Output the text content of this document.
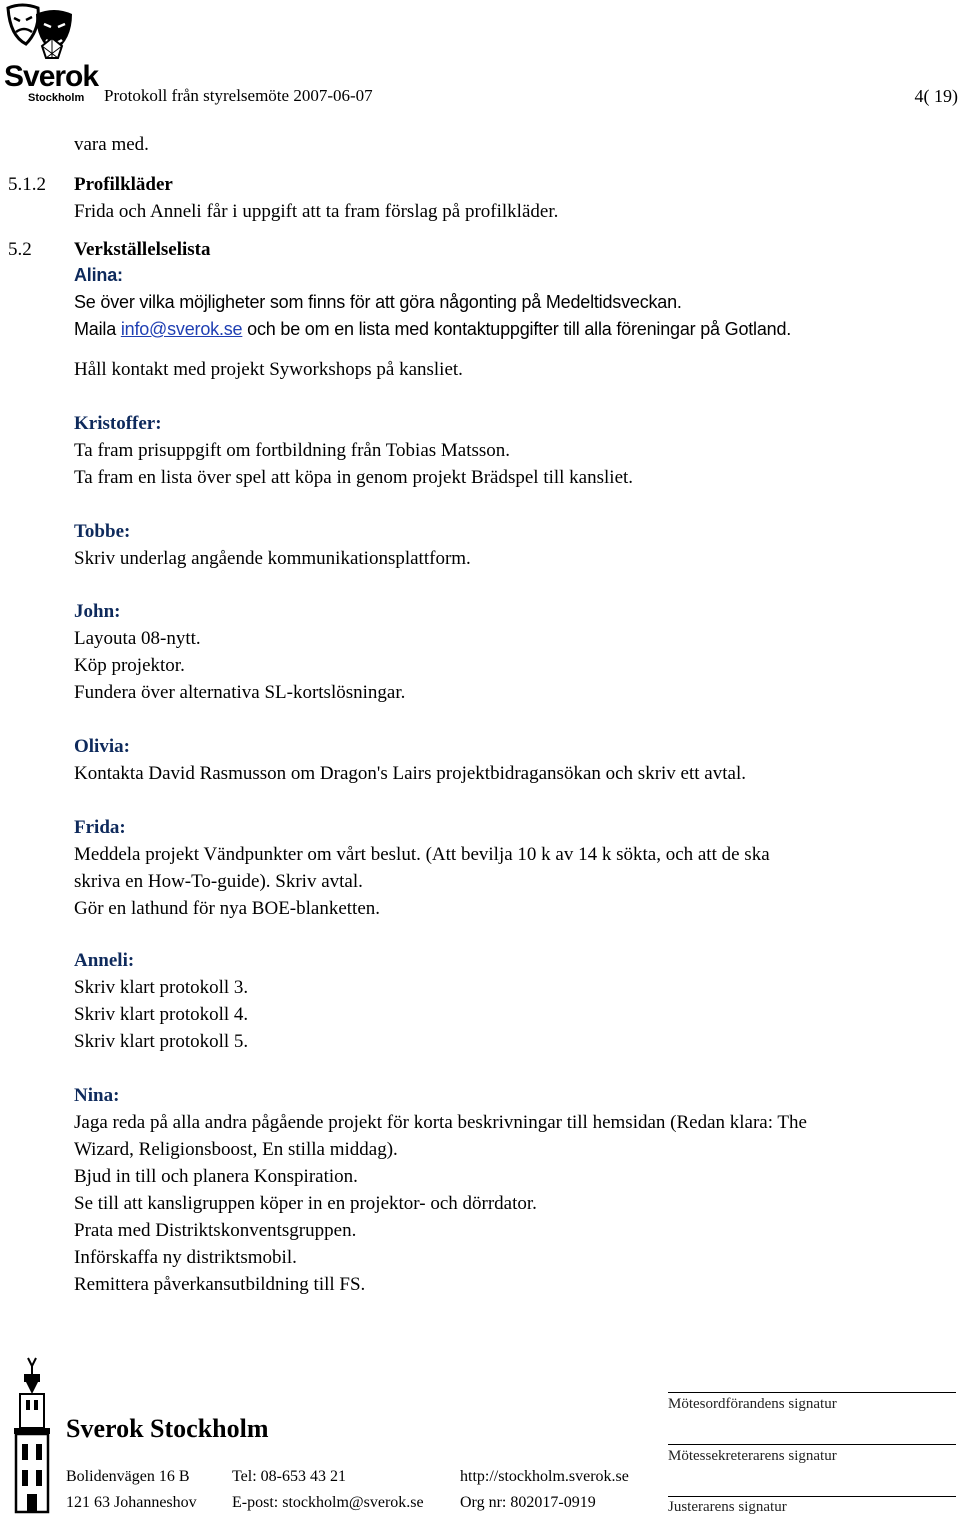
Sverok
Stockholm Protokoll från styrelsemöte 2007-06-07	4( 19)
vara med.
5.1.2 Profilkläder
Frida och Anneli får i uppgift att ta fram förslag på profilkläder.
5.2 Verkställelselista
Alina:
Se över vilka möjligheter som finns för att göra någonting på Medeltidsveckan.
Maila info@sverok.se och be om en lista med kontaktuppgifter till alla föreningar på Gotland.
Håll kontakt med projekt Syworkshops på kansliet.
Kristoffer:
Ta fram prisuppgift om fortbildning från Tobias Matsson.
Ta fram en lista över spel att köpa in genom projekt Brädspel till kansliet.
Tobbe:
Skriv underlag angående kommunikationsplattform.
John:
Layouta 08-nytt.
Köp projektor.
Fundera över alternativa SL-kortslösningar.
Olivia:
Kontakta David Rasmusson om Dragon's Lairs projektbidragansökan och skriv ett avtal.
Frida:
Meddela projekt Vändpunkter om vårt beslut. (Att bevilja 10 k av 14 k sökta, och att de ska
skriva en How-To-guide). Skriv avtal.
Gör en lathund för nya BOE-blanketten.
Anneli:
Skriv klart protokoll 3.
Skriv klart protokoll 4.
Skriv klart protokoll 5.
Nina:
Jaga reda på alla andra pågående projekt för korta beskrivningar till hemsidan (Redan klara: The
Wizard, Religionsboost, En stilla middag).
Bjud in till och planera Konspiration.
Se till att kansligruppen köper in en projektor- och dörrdator.
Prata med Distriktskonventsgruppen.
Införskaffa ny distriktsmobil.
Remittera påverkansutbildning till FS.
Sverok Stockholm
Bolidenvägen 16 B
121 63 Johanneshov
Tel: 08-653 43 21
E-post: stockholm@sverok.se
http://stockholm.sverok.se
Org nr: 802017-0919
Mötesordförandens signatur
Mötessekreterarens signatur
Justerarens signatur
